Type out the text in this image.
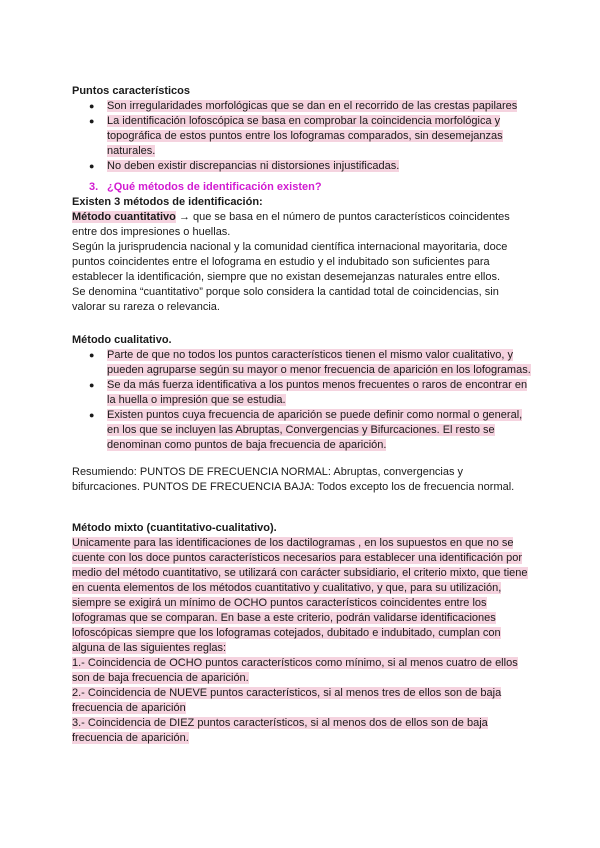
Puntos característicos

● Son irregularidades morfológicas que se dan en el recorrido de las crestas papilares
● La identificación lofoscópica se basa en comprobar la coincidencia morfológica y topográfica de estos puntos entre los lofogramas comparados, sin desemejanzas naturales.
● No deben existir discrepancias ni distorsiones injustificadas.

3. ¿Qué métodos de identificación existen?

Existen 3 métodos de identificación:

Método cuantitativo → que se basa en el número de puntos característicos coincidentes entre dos impresiones o huellas.

Según la jurisprudencia nacional y la comunidad científica internacional mayoritaria, doce puntos coincidentes entre el lofograma en estudio y el indubitado son suficientes para establecer la identificación, siempre que no existan desemejanzas naturales entre ellos.

Se denomina “cuantitativo” porque solo considera la cantidad total de coincidencias, sin valorar su rareza o relevancia.

Método cualitativo.

● Parte de que no todos los puntos característicos tienen el mismo valor cualitativo, y pueden agruparse según su mayor o menor frecuencia de aparición en los lofogramas.
● Se da más fuerza identificativa a los puntos menos frecuentes o raros de encontrar en la huella o impresión que se estudia.
● Existen puntos cuya frecuencia de aparición se puede definir como normal o general, en los que se incluyen las Abruptas, Convergencias y Bifurcaciones. El resto se denominan como puntos de baja frecuencia de aparición.

Resumiendo: PUNTOS DE FRECUENCIA NORMAL: Abruptas, convergencias y bifurcaciones. PUNTOS DE FRECUENCIA BAJA: Todos excepto los de frecuencia normal.

Método mixto (cuantitativo-cualitativo).

Unicamente para las identificaciones de los dactilogramas , en los supuestos en que no se cuente con los doce puntos característicos necesarios para establecer una identificación por medio del método cuantitativo, se utilizará con carácter subsidiario, el criterio mixto, que tiene en cuenta elementos de los métodos cuantitativo y cualitativo, y que, para su utilización, siempre se exigirá un mínimo de OCHO puntos característicos coincidentes entre los lofogramas que se comparan. En base a este criterio, podrán validarse identificaciones lofoscópicas siempre que los lofogramas cotejados, dubitado e indubitado, cumplan con alguna de las siguientes reglas:

1.- Coincidencia de OCHO puntos característicos como mínimo, si al menos cuatro de ellos son de baja frecuencia de aparición.

2.- Coincidencia de NUEVE puntos característicos, si al menos tres de ellos son de baja frecuencia de aparición

3.- Coincidencia de DIEZ puntos característicos, si al menos dos de ellos son de baja frecuencia de aparición.
